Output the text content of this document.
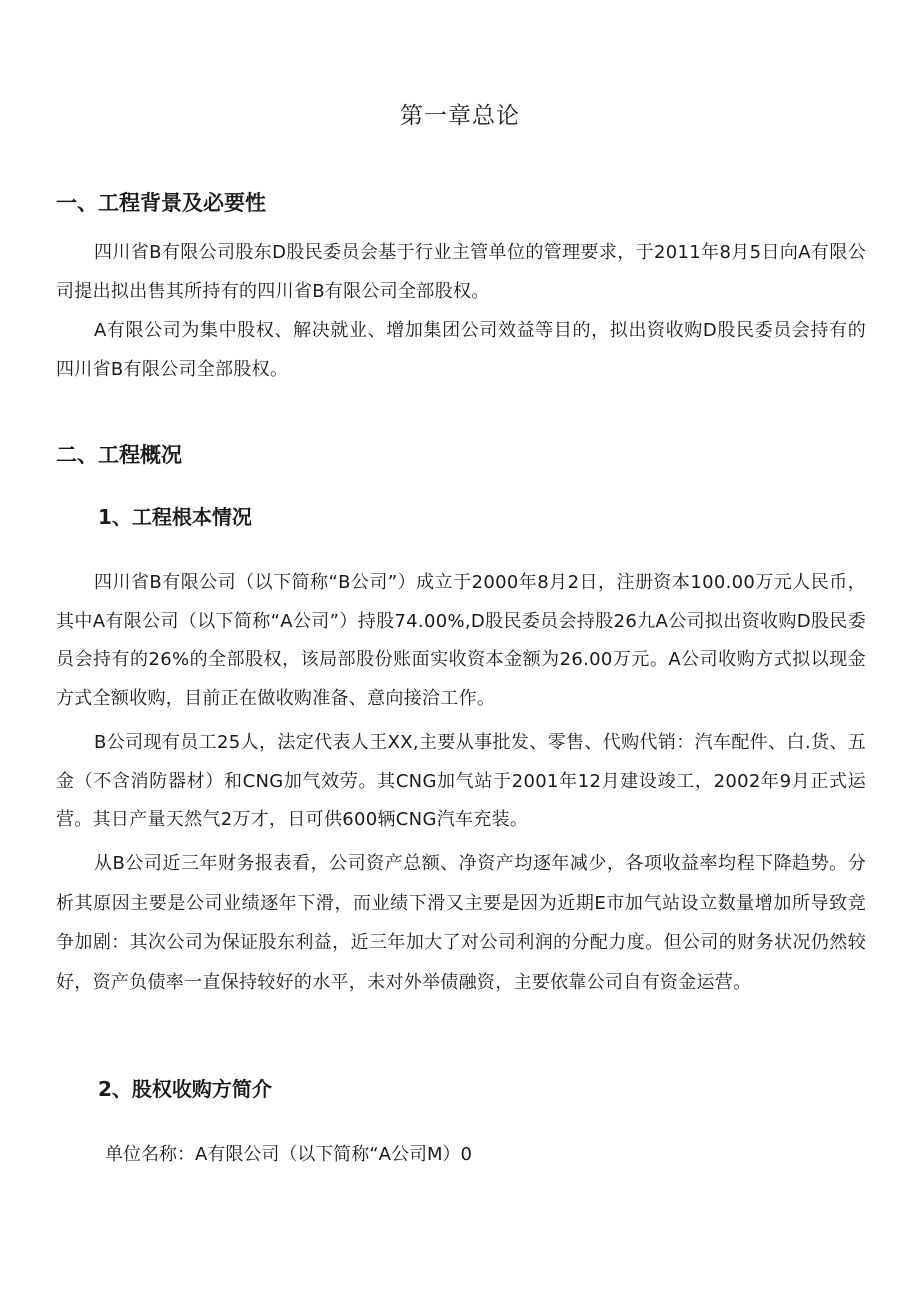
第一章总论
一、工程背景及必要性
四川省B有限公司股东D股民委员会基于行业主管单位的管理要求，于2011年8月5日向A有限公司提出拟出售其所持有的四川省B有限公司全部股权。
A有限公司为集中股权、解决就业、增加集团公司效益等目的，拟出资收购D股民委员会持有的四川省B有限公司全部股权。
二、工程概况
1、工程根本情况
四川省B有限公司（以下简称“B公司”）成立于2000年8月2日，注册资本100.00万元人民币，其中A有限公司（以下简称“A公司”）持股74.00%,D股民委员会持股26九A公司拟出资收购D股民委员会持有的26%的全部股权，该局部股份账面实收资本金额为26.00万元。A公司收购方式拟以现金方式全额收购，目前正在做收购准备、意向接洽工作。
B公司现有员工25人，法定代表人王XX,主要从事批发、零售、代购代销：汽车配件、白.货、五金（不含消防器材）和CNG加气效劳。其CNG加气站于2001年12月建设竣工，2002年9月正式运营。其日产量天然气2万才，日可供600辆CNG汽车充装。
从B公司近三年财务报表看，公司资产总额、净资产均逐年减少，各项收益率均程下降趋势。分析其原因主要是公司业绩逐年下滑，而业绩下滑又主要是因为近期E市加气站设立数量增加所导致竞争加剧：其次公司为保证股东利益，近三年加大了对公司利润的分配力度。但公司的财务状况仍然较好，资产负债率一直保持较好的水平，未对外举债融资，主要依靠公司自有资金运营。
2、股权收购方简介
单位名称：A有限公司（以下简称“A公司M）0
